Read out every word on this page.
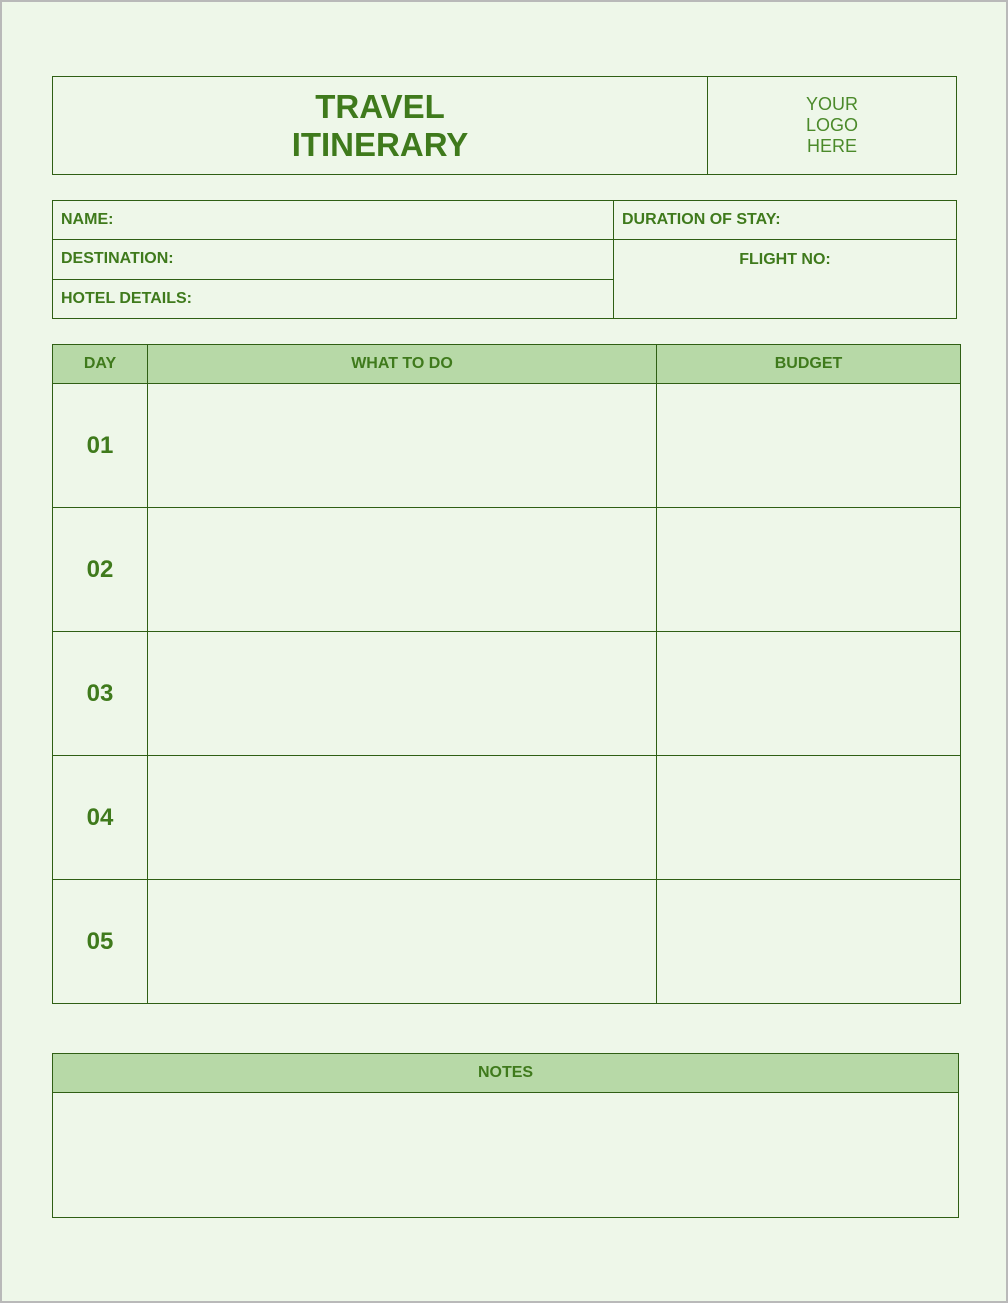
TRAVEL
ITINERARY
YOUR
LOGO
HERE
NAME:
DESTINATION:
HOTEL DETAILS:
DURATION OF STAY:
FLIGHT NO:
DAY	WHAT TO DO	BUDGET
01
02
03
04
05
NOTES
